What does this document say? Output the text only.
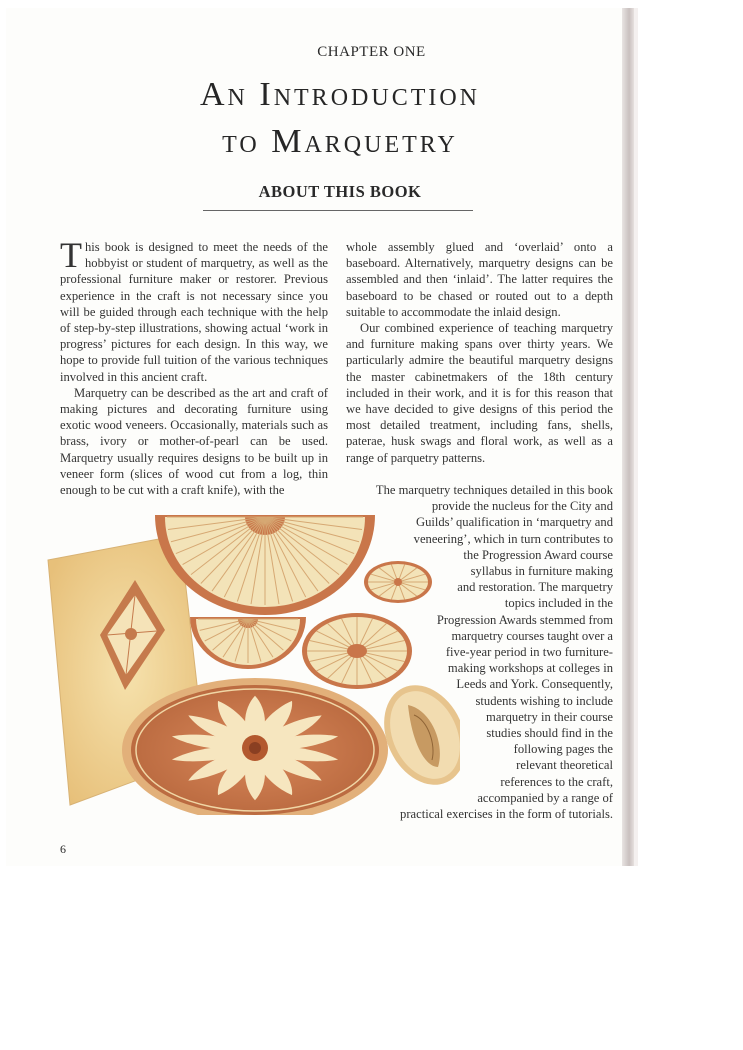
CHAPTER ONE
An Introduction
to Marquetry
ABOUT THIS BOOK

This book is designed to meet the needs of the hobbyist or student of marquetry, as well as the professional furniture maker or restorer. Previous experience in the craft is not necessary since you will be guided through each technique with the help of step-by-step illustrations, showing actual ‘work in progress’ pictures for each design. In this way, we hope to provide full tuition of the various techniques involved in this ancient craft.

Marquetry can be described as the art and craft of making pictures and decorating furniture using exotic wood veneers. Occasionally, materials such as brass, ivory or mother-of-pearl can be used. Marquetry usually requires designs to be built up in veneer form (slices of wood cut from a log, thin enough to be cut with a craft knife), with the

whole assembly glued and ‘overlaid’ onto a baseboard. Alternatively, marquetry designs can be assembled and then ‘inlaid’. The latter requires the baseboard to be chased or routed out to a depth suitable to accommodate the inlaid design.

Our combined experience of teaching marquetry and furniture making spans over thirty years. We particularly admire the beautiful marquetry designs the master cabinetmakers of the 18th century included in their work, and it is for this reason that we have decided to give designs of this period the most detailed treatment, including fans, shells, paterae, husk swags and floral work, as well as a range of parquetry patterns.

The marquetry techniques detailed in this book
provide the nucleus for the City and
Guilds’ qualification in ‘marquetry and
veneering’, which in turn contributes to
the Progression Award course
syllabus in furniture making
and restoration. The marquetry
topics included in the
Progression Awards stemmed from
marquetry courses taught over a
five-year period in two furniture-
making workshops at colleges in
Leeds and York. Consequently,
students wishing to include
marquetry in their course
studies should find in the
following pages the
relevant theoretical
references to the craft,
accompanied by a range of
practical exercises in the form of tutorials.
6
